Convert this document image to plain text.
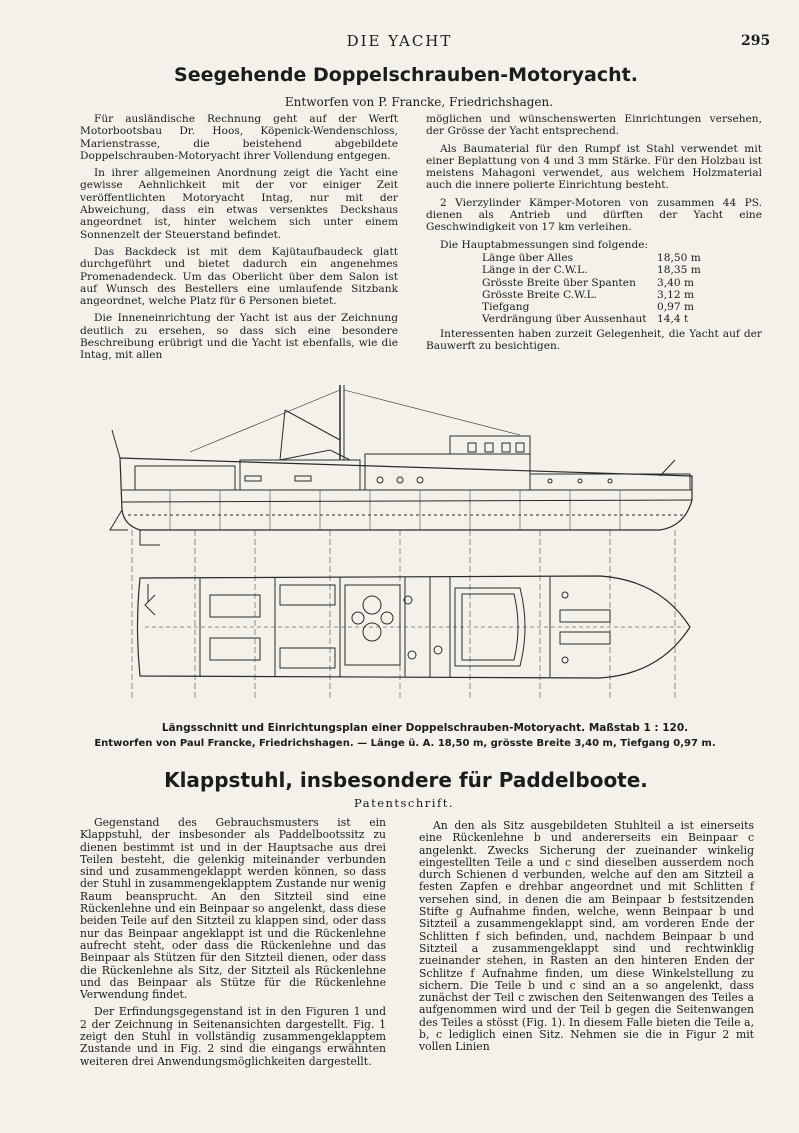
DIE YACHT	295
Seegehende Doppelschrauben-Motoryacht.
Entworfen von P. Francke, Friedrichshagen.

Für ausländische Rechnung geht auf der Werft Motorbootsbau Dr. Hoos, Köpenick-Wendenschloss, Marienstrasse, die beistehend abgebildete Doppelschrauben-Motoryacht ihrer Vollendung entgegen.

In ihrer allgemeinen Anordnung zeigt die Yacht eine gewisse Aehnlichkeit mit der vor einiger Zeit veröffentlichten Motoryacht Intag, nur mit der Abweichung, dass ein etwas versenktes Deckshaus angeordnet ist, hinter welchem sich unter einem Sonnenzelt der Steuerstand befindet.

Das Backdeck ist mit dem Kajütaufbaudeck glatt durchgeführt und bietet dadurch ein angenehmes Promenadendeck. Um das Oberlicht über dem Salon ist auf Wunsch des Bestellers eine umlaufende Sitzbank angeordnet, welche Platz für 6 Personen bietet.

Die Inneneinrichtung der Yacht ist aus der Zeichnung deutlich zu ersehen, so dass sich eine besondere Beschreibung erübrigt und die Yacht ist ebenfalls, wie die Intag, mit allen

möglichen und wünschenswerten Einrichtungen versehen, der Grösse der Yacht entsprechend.

Als Baumaterial für den Rumpf ist Stahl verwendet mit einer Beplattung von 4 und 3 mm Stärke. Für den Holzbau ist meistens Mahagoni verwendet, aus welchem Holzmaterial auch die innere polierte Einrichtung besteht.

2 Vierzylinder Kämper-Motoren von zusammen 44 PS. dienen als Antrieb und dürften der Yacht eine Geschwindigkeit von 17 km verleihen.

Die Hauptabmessungen sind folgende:

Länge über Alles	18,50 m
Länge in der C.W.L.	18,35 m
Grösste Breite über Spanten	3,40 m
Grösste Breite C.W.L.	3,12 m
Tiefgang	0,97 m
Verdrängung über Aussenhaut 14,4 t

Interessenten haben zurzeit Gelegenheit, die Yacht auf der Bauwerft zu besichtigen.

Längsschnitt und Einrichtungsplan einer Doppelschrauben-Motoryacht. Maßstab 1 : 120.
Entworfen von Paul Francke, Friedrichshagen. — Länge ü. A. 18,50 m, grösste Breite 3,40 m, Tiefgang 0,97 m.
Klappstuhl, insbesondere für Paddelboote.
Patentschrift.

Gegenstand des Gebrauchsmusters ist ein Klappstuhl, der insbesonder als Paddelbootssitz zu dienen bestimmt ist und in der Hauptsache aus drei Teilen besteht, die gelenkig miteinander verbunden sind und zusammengeklappt werden können, so dass der Stuhl in zusammengeklapptem Zustande nur wenig Raum beansprucht. An den Sitzteil sind eine Rückenlehne und ein Beinpaar so angelenkt, dass diese beiden Teile auf den Sitzteil zu klappen sind, oder dass nur das Beinpaar angeklappt ist und die Rückenlehne aufrecht steht, oder dass die Rückenlehne und das Beinpaar als Stützen für den Sitzteil dienen, oder dass die Rückenlehne als Sitz, der Sitzteil als Rückenlehne und das Beinpaar als Stütze für die Rückenlehne Verwendung findet.

Der Erfindungsgegenstand ist in den Figuren 1 und 2 der Zeichnung in Seitenansichten dargestellt. Fig. 1 zeigt den Stuhl in vollständig zusammengeklapptem Zustande und in Fig. 2 sind die eingangs erwähnten weiteren drei Anwendungsmöglichkeiten dargestellt.

An den als Sitz ausgebildeten Stuhlteil a ist einerseits eine Rückenlehne b und andererseits ein Beinpaar c angelenkt. Zwecks Sicherung der zueinander winkelig eingestellten Teile a und c sind dieselben ausserdem noch durch Schienen d verbunden, welche auf den am Sitzteil a festen Zapfen e drehbar angeordnet und mit Schlitten f versehen sind, in denen die am Beinpaar b festsitzenden Stifte g Aufnahme finden, welche, wenn Beinpaar b und Sitzteil a zusammengeklappt sind, am vorderen Ende der Schlitten f sich befinden, und, nachdem Beinpaar b und Sitzteil a zusammengeklappt sind und rechtwinklig zueinander stehen, in Rasten an den hinteren Enden der Schlitze f Aufnahme finden, um diese Winkelstellung zu sichern. Die Teile b und c sind an a so angelenkt, dass zunächst der Teil c zwischen den Seitenwangen des Teiles a aufgenommen wird und der Teil b gegen die Seitenwangen des Teiles a stösst (Fig. 1). In diesem Falle bieten die Teile a, b, c lediglich einen Sitz. Nehmen sie die in Figur 2 mit vollen Linien
